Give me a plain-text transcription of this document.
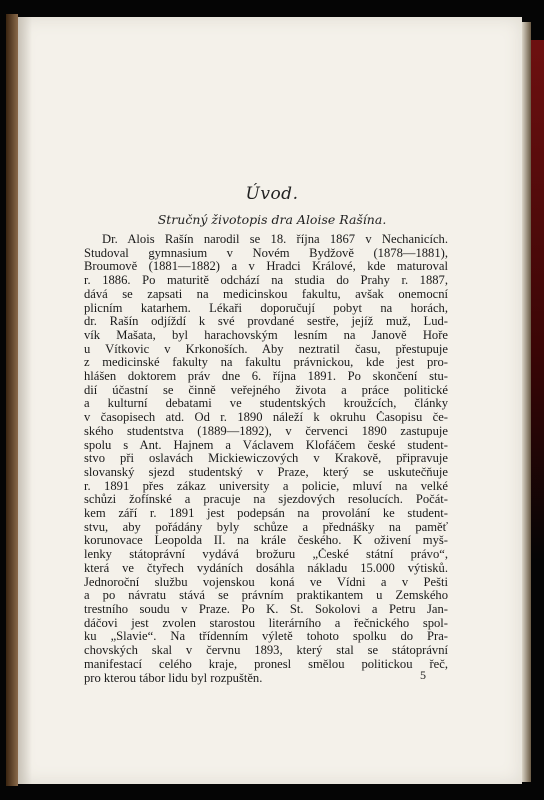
Úvod.
Stručný životopis dra Aloise Rašína.
Dr. Alois Rašín narodil se 18. října 1867 v Nechanicích.
Studoval gymnasium v Novém Bydžově (1878—1881),
Broumově (1881—1882) a v Hradci Králové, kde maturoval
r. 1886. Po maturitě odchází na studia do Prahy r. 1887,
dává se zapsati na medicinskou fakultu, avšak onemocní
plicním katarhem. Lékaři doporučují pobyt na horách,
dr. Rašín odjíždí k své provdané sestře, jejíž muž, Lud-
vík Mašata, byl harachovským lesním na Janově Hoře
u Vítkovic v Krkonoších. Aby neztratil času, přestupuje
z medicinské fakulty na fakultu právnickou, kde jest pro-
hlášen doktorem práv dne 6. října 1891. Po skončení stu-
dií účastní se činně veřejného života a práce politické
a kulturní debatami ve studentských kroužcích, články
v časopisech atd. Od r. 1890 náleží k okruhu Časopisu če-
ského studentstva (1889—1892), v červenci 1890 zastupuje
spolu s Ant. Hajnem a Václavem Klofáčem české student-
stvo při oslavách Mickiewiczových v Krakově, připravuje
slovanský sjezd studentský v Praze, který se uskutečňuje
r. 1891 přes zákaz university a policie, mluví na velké
schůzi žofínské a pracuje na sjezdových resolucích. Počát-
kem září r. 1891 jest podepsán na provolání ke student-
stvu, aby pořádány byly schůze a přednášky na paměť
korunovace Leopolda II. na krále českého. K oživení myš-
lenky státoprávní vydává brožuru „České státní právo“,
která ve čtyřech vydáních dosáhla nákladu 15.000 výtisků.
Jednoroční službu vojenskou koná ve Vídni a v Pešti
a po návratu stává se právním praktikantem u Zemského
trestního soudu v Praze. Po K. St. Sokolovi a Petru Jan-
dáčovi jest zvolen starostou literárního a řečnického spol-
ku „Slavie“. Na třídenním výletě tohoto spolku do Pra-
chovských skal v červnu 1893, který stal se státoprávní
manifestací celého kraje, pronesl smělou politickou řeč,
pro kterou tábor lidu byl rozpuštěn.	5
